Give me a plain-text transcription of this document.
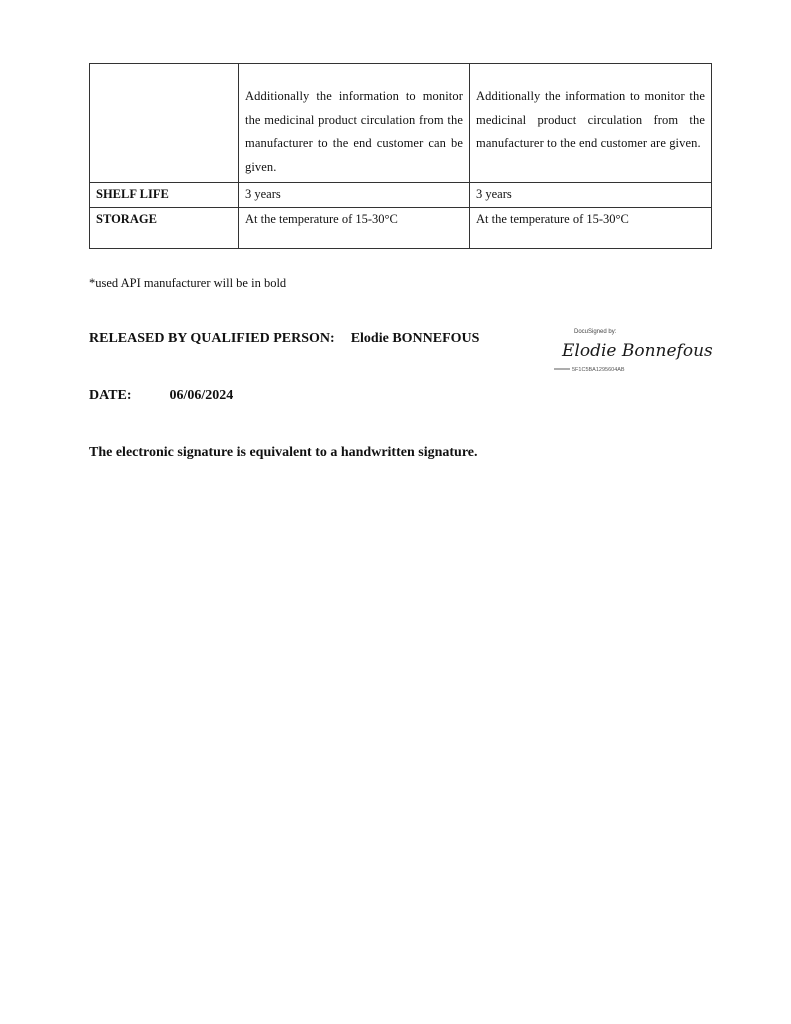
	Additionally the information to monitor the medicinal product circulation from the manufacturer to the end customer can be given.	Additionally the information to monitor the medicinal product circulation from the manufacturer to the end customer are given.

SHELF LIFE	3 years	3 years

STORAGE	At the temperature of 15-30°C	At the temperature of 15-30°C
*used API manufacturer will be in bold
RELEASED BY QUALIFIED PERSON: Elodie BONNEFOUS	DocuSigned by:
Elodie Bonnefous
5F1C5BA1295604AB
DATE:	06/06/2024
The electronic signature is equivalent to a handwritten signature.
